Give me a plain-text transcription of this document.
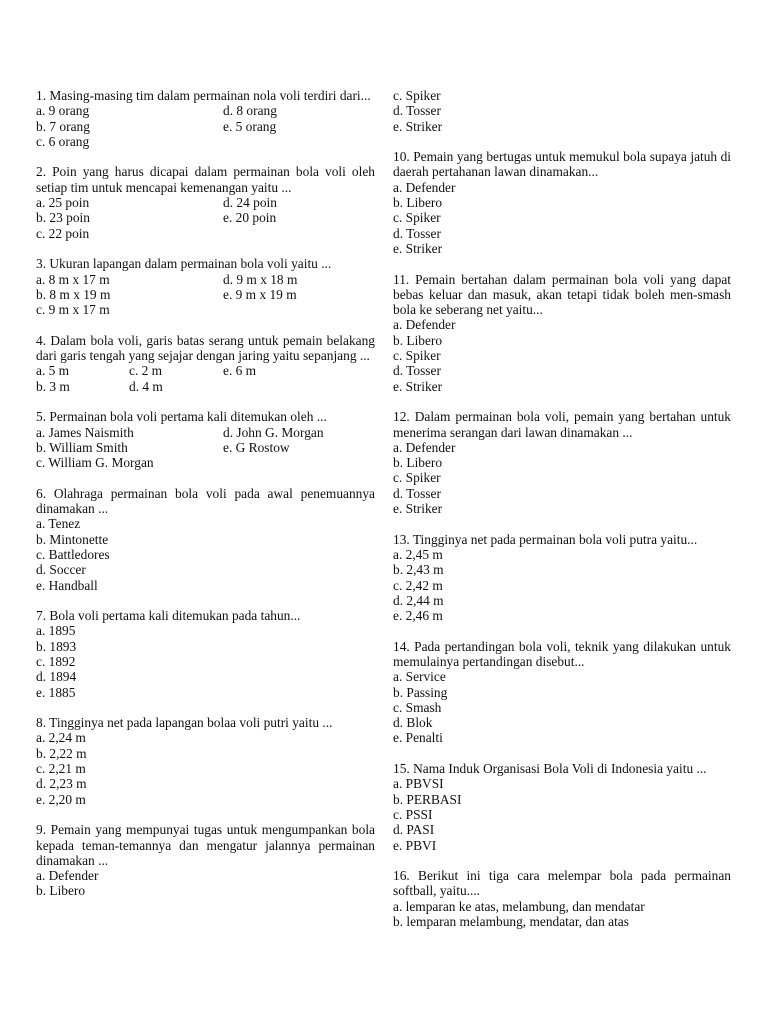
1. Masing-masing tim dalam permainan nola voli terdiri dari...
a. 9 orang	d. 8 orang
b. 7 orang	e. 5 orang
c. 6 orang
2. Poin yang harus dicapai dalam permainan bola voli oleh setiap tim untuk mencapai kemenangan yaitu ...
a. 25 poin	d. 24 poin
b. 23 poin	e. 20 poin
c. 22 poin
3. Ukuran lapangan dalam permainan bola voli yaitu ...
a. 8 m x 17 m	d. 9 m x 18 m
b. 8 m x 19 m	e. 9 m x 19 m
c. 9 m x 17 m
4. Dalam bola voli, garis batas serang untuk pemain belakang dari garis tengah yang sejajar dengan jaring yaitu sepanjang ...
a. 5 m	c. 2 m	e. 6 m
b. 3 m	d. 4 m
5. Permainan bola voli pertama kali ditemukan oleh ...
a. James Naismith	d. John G. Morgan
b. William Smith	e. G Rostow
c. William G. Morgan
6. Olahraga permainan bola voli pada awal penemuannya dinamakan ...
a. Tenez
b. Mintonette
c. Battledores
d. Soccer
e. Handball
7. Bola voli pertama kali ditemukan pada tahun...
a. 1895
b. 1893
c. 1892
d. 1894
e. 1885
8. Tingginya net pada lapangan bolaa voli putri yaitu ...
a. 2,24 m
b. 2,22 m
c. 2,21 m
d. 2,23 m
e. 2,20 m
9. Pemain yang mempunyai tugas untuk mengumpankan bola kepada teman-temannya dan mengatur jalannya permainan dinamakan ...
a. Defender
b. Libero
c. Spiker
d. Tosser
e. Striker
10. Pemain yang bertugas untuk memukul bola supaya jatuh di daerah pertahanan lawan dinamakan...
a. Defender
b. Libero
c. Spiker
d. Tosser
e. Striker
11. Pemain bertahan dalam permainan bola voli yang dapat bebas keluar dan masuk, akan tetapi tidak boleh men-smash bola ke seberang net yaitu...
a. Defender
b. Libero
c. Spiker
d. Tosser
e. Striker
12. Dalam permainan bola voli, pemain yang bertahan untuk menerima serangan dari lawan dinamakan ...
a. Defender
b. Libero
c. Spiker
d. Tosser
e. Striker
13. Tingginya net pada permainan bola voli putra yaitu...
a. 2,45 m
b. 2,43 m
c. 2,42 m
d. 2,44 m
e. 2,46 m
14. Pada pertandingan bola voli, teknik yang dilakukan untuk memulainya pertandingan disebut...
a. Service
b. Passing
c. Smash
d. Blok
e. Penalti
15. Nama Induk Organisasi Bola Voli di Indonesia yaitu ...
a. PBVSI
b. PERBASI
c. PSSI
d. PASI
e. PBVI
16. Berikut ini tiga cara melempar bola pada permainan softball, yaitu....
a. lemparan ke atas, melambung, dan mendatar
b. lemparan melambung, mendatar, dan atas
